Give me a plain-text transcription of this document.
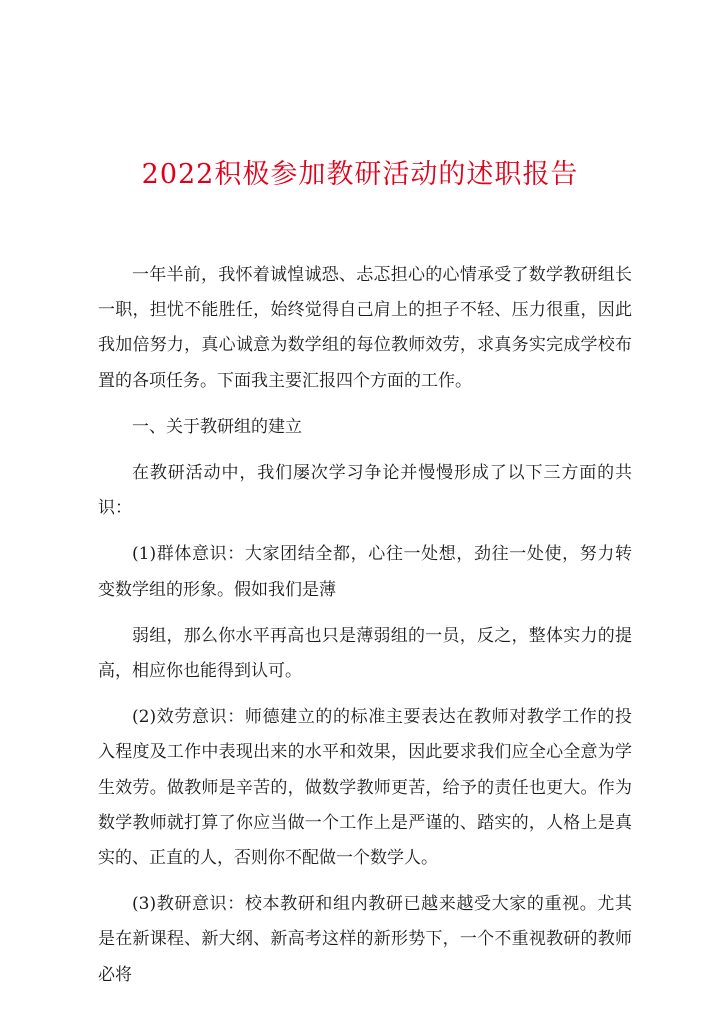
2022积极参加教研活动的述职报告

一年半前，我怀着诚惶诚恐、忐忑担心的心情承受了数学教研组长一职，担忧不能胜任，始终觉得自己肩上的担子不轻、压力很重，因此我加倍努力，真心诚意为数学组的每位教师效劳，求真务实完成学校布置的各项任务。下面我主要汇报四个方面的工作。

一、关于教研组的建立

在教研活动中，我们屡次学习争论并慢慢形成了以下三方面的共识：

(1)群体意识：大家团结全都，心往一处想，劲往一处使，努力转变数学组的形象。假如我们是薄

弱组，那么你水平再高也只是薄弱组的一员，反之，整体实力的提高，相应你也能得到认可。

(2)效劳意识：师德建立的的标准主要表达在教师对教学工作的投入程度及工作中表现出来的水平和效果，因此要求我们应全心全意为学生效劳。做教师是辛苦的，做数学教师更苦，给予的责任也更大。作为数学教师就打算了你应当做一个工作上是严谨的、踏实的，人格上是真实的、正直的人，否则你不配做一个数学人。

(3)教研意识：校本教研和组内教研已越来越受大家的重视。尤其是在新课程、新大纲、新高考这样的新形势下，一个不重视教研的教师必将
